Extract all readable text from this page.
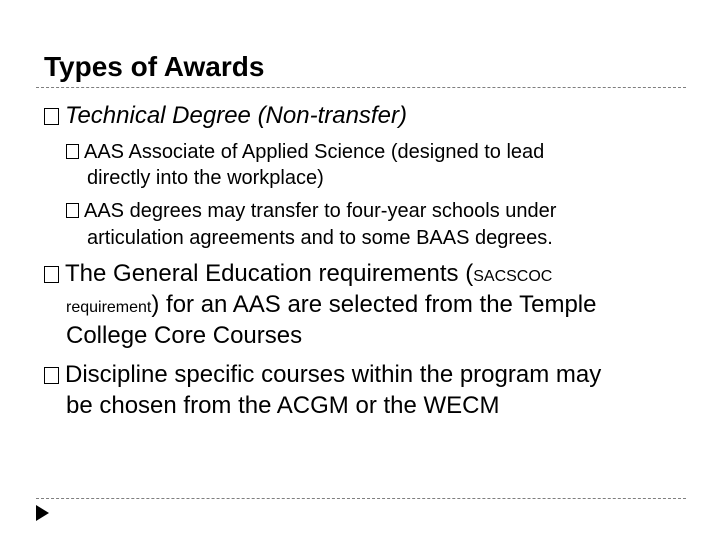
Types of Awards
Technical Degree (Non-transfer)
AAS Associate of Applied Science (designed to lead
directly into the workplace)
AAS degrees may transfer to four-year schools under
articulation agreements and to some BAAS degrees.
The General Education requirements (SACSCOC
requirement) for an AAS are selected from the Temple
College Core Courses
Discipline specific courses within the program may
be chosen from the ACGM or the WECM
